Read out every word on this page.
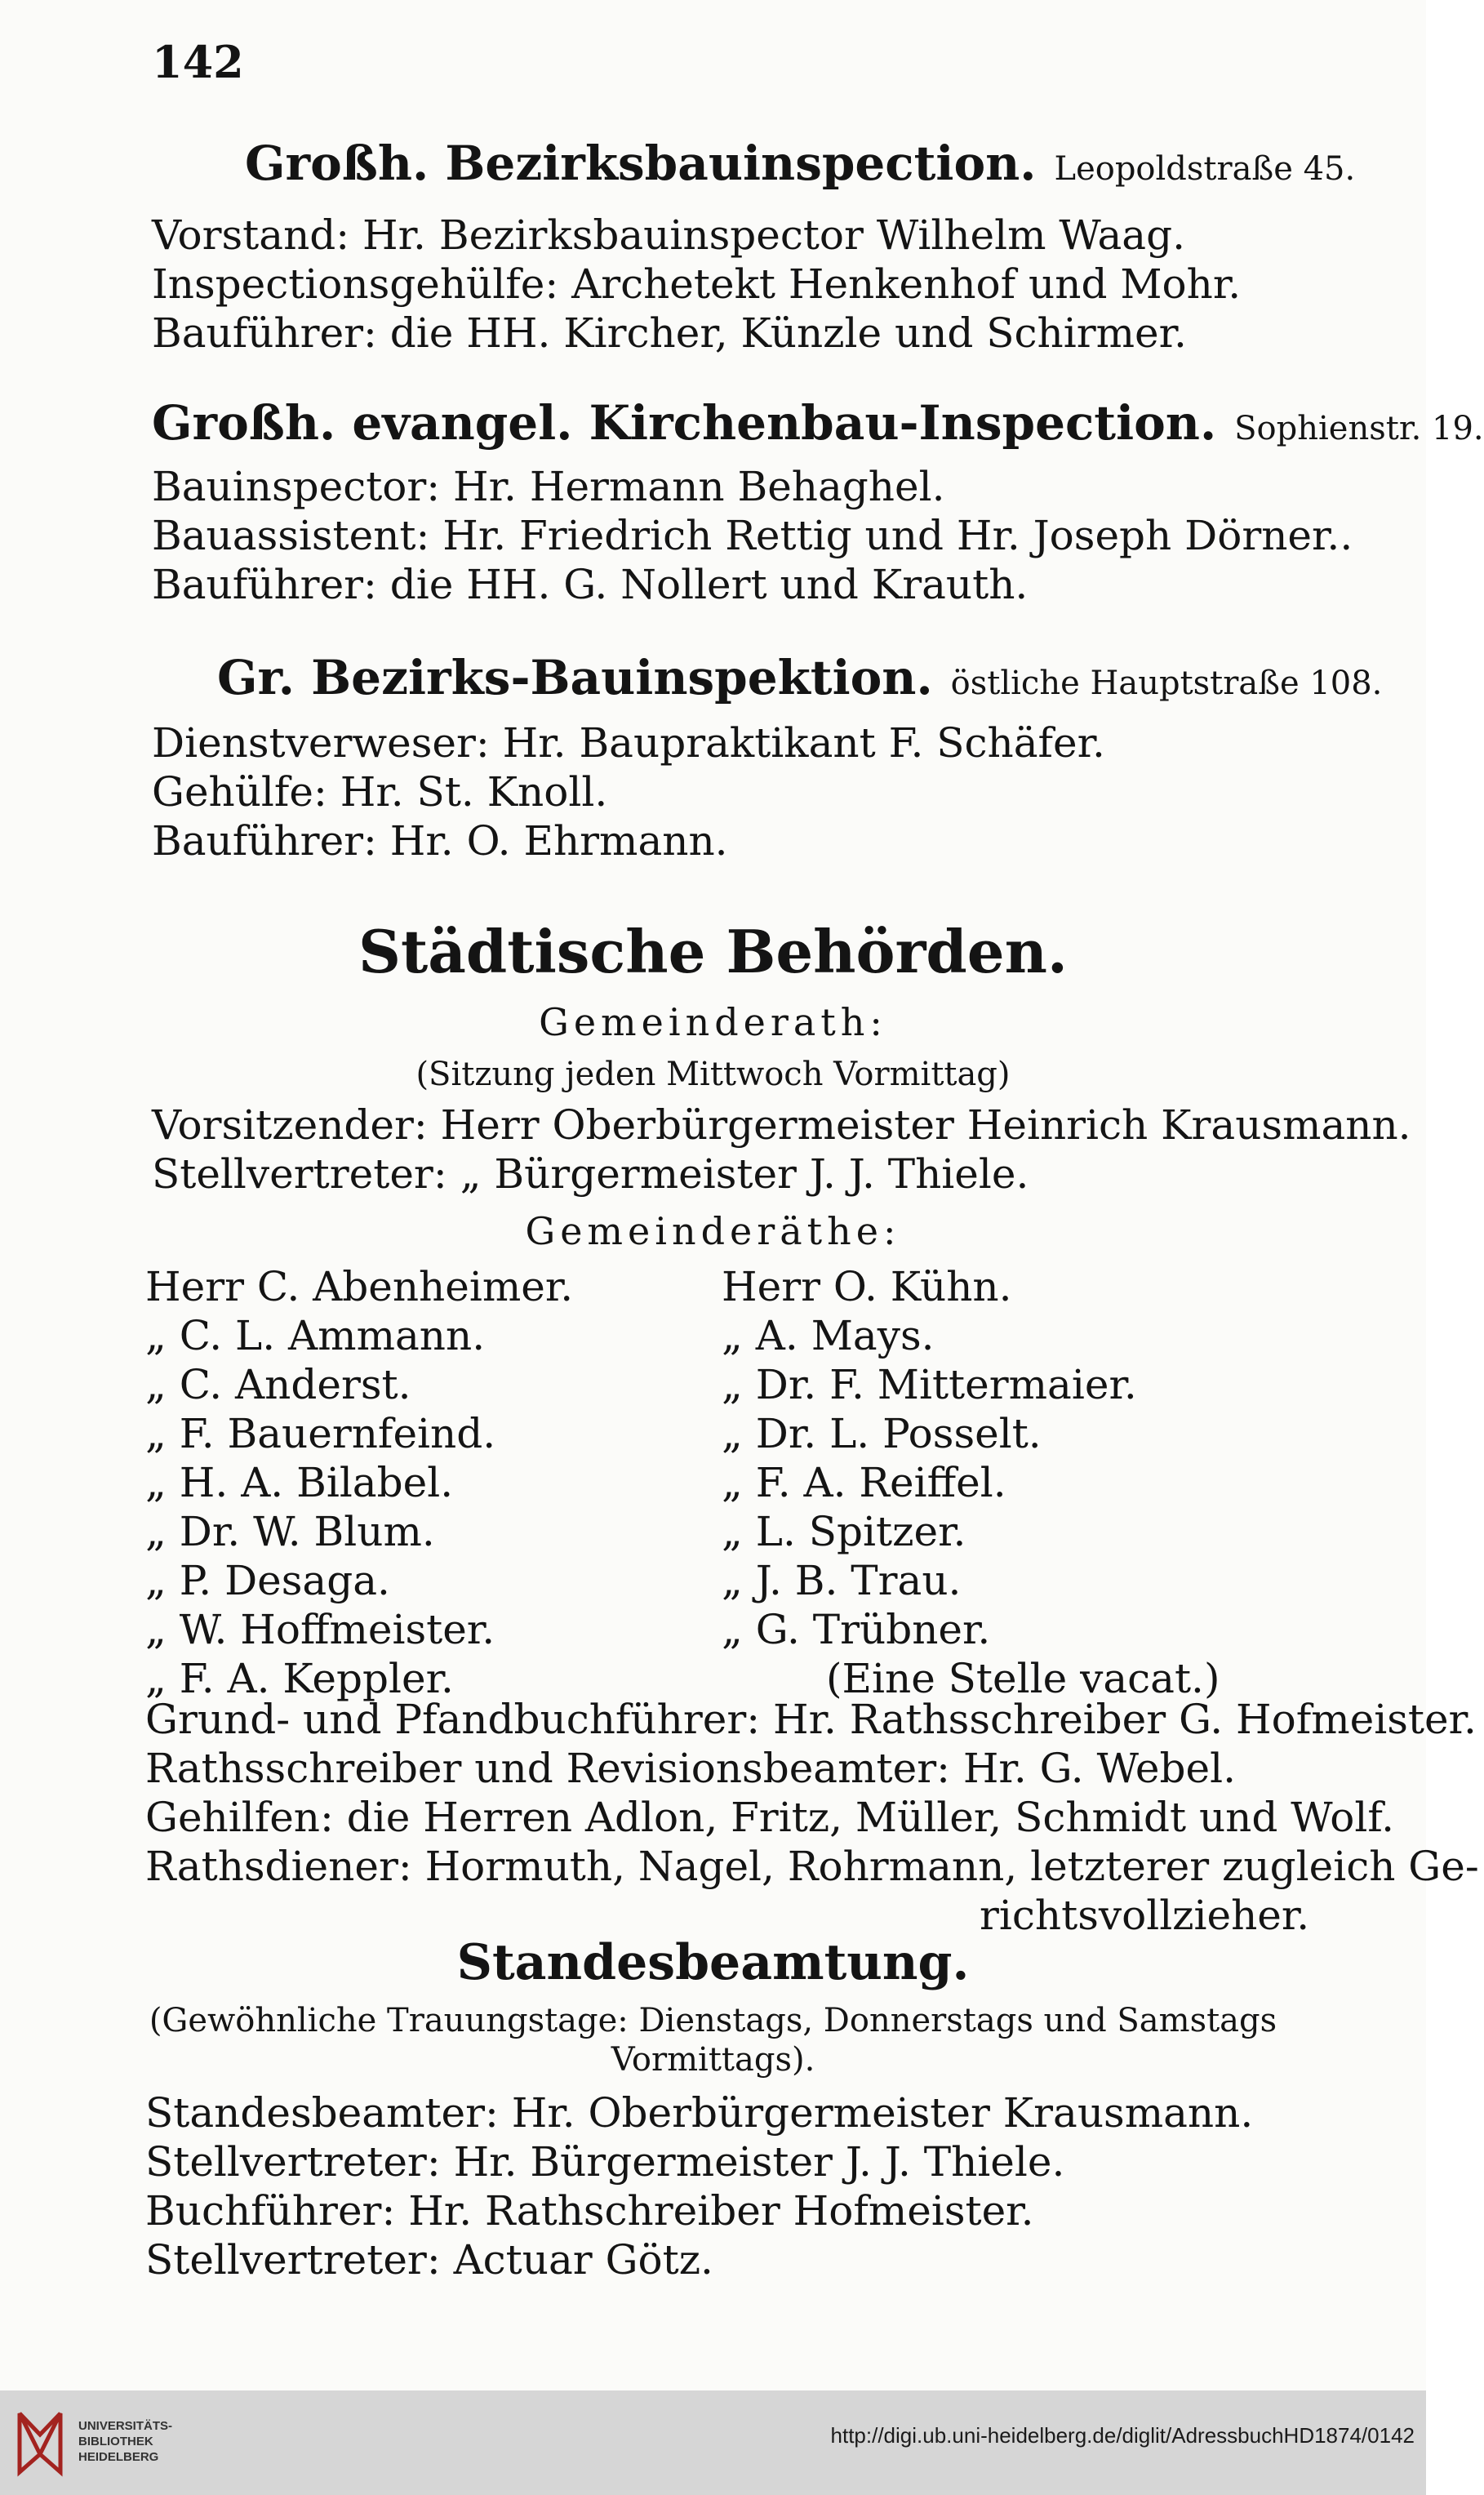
142
Großh. Bezirksbauinspection. Leopoldstraße 45.
Vorstand: Hr. Bezirksbauinspector Wilhelm Waag.
Inspectionsgehülfe: Archetekt Henkenhof und Mohr.
Bauführer: die HH. Kircher, Künzle und Schirmer.
Großh. evangel. Kirchenbau-Inspection. Sophienstr. 19.
Bauinspector: Hr. Hermann Behaghel.
Bauassistent: Hr. Friedrich Rettig und Hr. Joseph Dörner..
Bauführer: die HH. G. Nollert und Krauth.
Gr. Bezirks-Bauinspektion. östliche Hauptstraße 108.
Dienstverweser: Hr. Baupraktikant F. Schäfer.
Gehülfe: Hr. St. Knoll.
Bauführer: Hr. O. Ehrmann.
Städtische Behörden.
Gemeinderath:
(Sitzung jeden Mittwoch Vormittag)
Vorsitzender: Herr Oberbürgermeister Heinrich Krausmann.
Stellvertreter: „ Bürgermeister J. J. Thiele.
Gemeinderäthe:
Herr C. Abenheimer.
„ C. L. Ammann.
„ C. Anderst.
„ F. Bauernfeind.
„ H. A. Bilabel.
„ Dr. W. Blum.
„ P. Desaga.
„ W. Hoffmeister.
„ F. A. Keppler.
Herr O. Kühn.
„ A. Mays.
„ Dr. F. Mittermaier.
„ Dr. L. Posselt.
„ F. A. Reiffel.
„ L. Spitzer.
„ J. B. Trau.
„ G. Trübner.
(Eine Stelle vacat.)
Grund- und Pfandbuchführer: Hr. Rathsschreiber G. Hofmeister.
Rathsschreiber und Revisionsbeamter: Hr. G. Webel.
Gehilfen: die Herren Adlon, Fritz, Müller, Schmidt und Wolf.
Rathsdiener: Hormuth, Nagel, Rohrmann, letzterer zugleich Ge-
richtsvollzieher.
Standesbeamtung.
(Gewöhnliche Trauungstage: Dienstags, Donnerstags und Samstags
Vormittags).
Standesbeamter: Hr. Oberbürgermeister Krausmann.
Stellvertreter: Hr. Bürgermeister J. J. Thiele.
Buchführer: Hr. Rathschreiber Hofmeister.
Stellvertreter: Actuar Götz.
UNIVERSITÄTS-
BIBLIOTHEK
HEIDELBERG
http://digi.ub.uni-heidelberg.de/diglit/AdressbuchHD1874/0142
